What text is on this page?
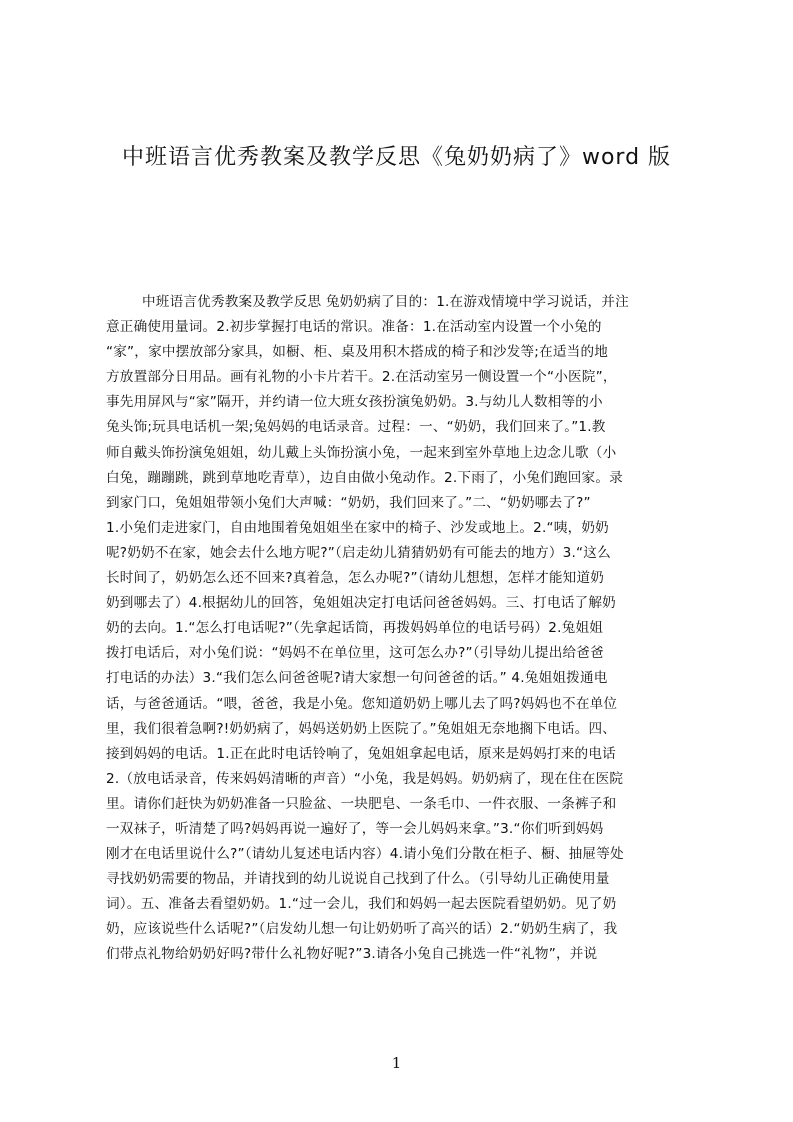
中班语言优秀教案及教学反思《兔奶奶病了》word 版
中班语言优秀教案及教学反思 兔奶奶病了目的：1.在游戏情境中学习说话，并注
意正确使用量词。2.初步掌握打电话的常识。准备：1.在活动室内设置一个小兔的
“家”，家中摆放部分家具，如橱、柜、桌及用积木搭成的椅子和沙发等;在适当的地
方放置部分日用品。画有礼物的小卡片若干。2.在活动室另一侧设置一个“小医院”，
事先用屏风与“家”隔开，并约请一位大班女孩扮演兔奶奶。3.与幼儿人数相等的小
兔头饰;玩具电话机一架;兔妈妈的电话录音。过程：一、“奶奶，我们回来了。”1.教
师自戴头饰扮演兔姐姐，幼儿戴上头饰扮演小兔，一起来到室外草地上边念儿歌（小
白兔，蹦蹦跳，跳到草地吃青草），边自由做小兔动作。2.下雨了，小兔们跑回家。录
到家门口，兔姐姐带领小兔们大声喊：“奶奶，我们回来了。”二、“奶奶哪去了?”
1.小兔们走进家门，自由地围着兔姐姐坐在家中的椅子、沙发或地上。2.“咦，奶奶
呢?奶奶不在家，她会去什么地方呢?”（启走幼儿猜猜奶奶有可能去的地方）3.“这么
长时间了，奶奶怎么还不回来?真着急，怎么办呢?”（请幼儿想想，怎样才能知道奶
奶到哪去了）4.根据幼儿的回答，兔姐姐决定打电话问爸爸妈妈。三、打电话了解奶
奶的去向。1.“怎么打电话呢?”（先拿起话筒，再拨妈妈单位的电话号码）2.兔姐姐
拨打电话后，对小兔们说：“妈妈不在单位里，这可怎么办?”（引导幼儿提出给爸爸
打电话的办法）3.“我们怎么问爸爸呢?请大家想一句问爸爸的话。” 4.兔姐姐拨通电
话，与爸爸通话。“喂，爸爸，我是小兔。您知道奶奶上哪儿去了吗?妈妈也不在单位
里，我们很着急啊?!奶奶病了，妈妈送奶奶上医院了。”兔姐姐无奈地搁下电话。四、
接到妈妈的电话。1.正在此时电话铃响了，兔姐姐拿起电话，原来是妈妈打来的电话
2.（放电话录音，传来妈妈清晰的声音）“小兔，我是妈妈。奶奶病了，现在住在医院
里。请你们赶快为奶奶准备一只脸盆、一块肥皂、一条毛巾、一件衣服、一条裤子和
一双袜子，听清楚了吗?妈妈再说一遍好了，等一会儿妈妈来拿。”3.“你们听到妈妈
刚才在电话里说什么?”（请幼儿复述电话内容）4.请小兔们分散在柜子、橱、抽屉等处
寻找奶奶需要的物品，并请找到的幼儿说说自己找到了什么。（引导幼儿正确使用量
词）。五、准备去看望奶奶。1.“过一会儿，我们和妈妈一起去医院看望奶奶。见了奶
奶，应该说些什么话呢?”（启发幼儿想一句让奶奶听了高兴的话）2.“奶奶生病了，我
们带点礼物给奶奶好吗?带什么礼物好呢?”3.请各小兔自己挑选一件“礼物”，并说
1
